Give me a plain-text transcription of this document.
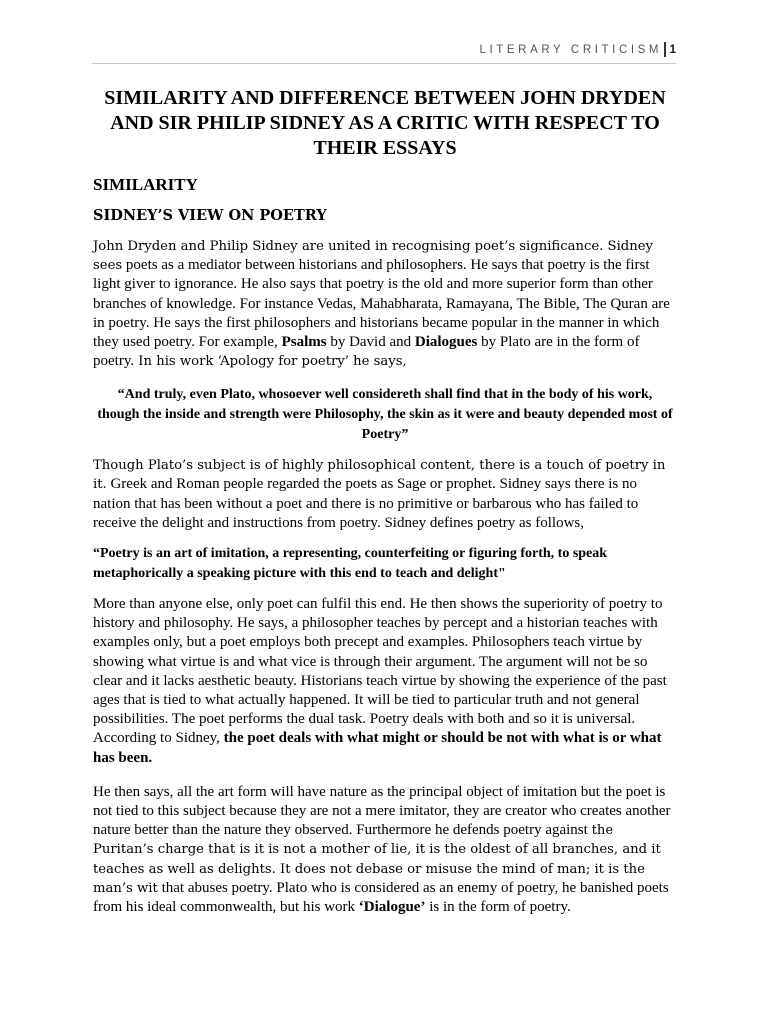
LITERARY CRITICISM 1
SIMILARITY AND DIFFERENCE BETWEEN JOHN DRYDEN AND SIR PHILIP SIDNEY AS A CRITIC WITH RESPECT TO THEIR ESSAYS
SIMILARITY
SIDNEY’S VIEW ON POETRY

John Dryden and Philip Sidney are united in recognising poet’s significance. Sidney sees poets as a mediator between historians and philosophers. He says that poetry is the first light giver to ignorance. He also says that poetry is the old and more superior form than other branches of knowledge. For instance Vedas, Mahabharata, Ramayana, The Bible, The Quran are in poetry. He says the first philosophers and historians became popular in the manner in which they used poetry. For example, Psalms by David and Dialogues by Plato are in the form of poetry. In his work ‘Apology for poetry’ he says,

“And truly, even Plato, whosoever well considereth shall find that in the body of his work, though the inside and strength were Philosophy, the skin as it were and beauty depended most of Poetry”

Though Plato’s subject is of highly philosophical content, there is a touch of poetry in it. Greek and Roman people regarded the poets as Sage or prophet. Sidney says there is no nation that has been without a poet and there is no primitive or barbarous who has failed to receive the delight and instructions from poetry. Sidney defines poetry as follows,

“Poetry is an art of imitation, a representing, counterfeiting or figuring forth, to speak metaphorically a speaking picture with this end to teach and delight"

More than anyone else, only poet can fulfil this end. He then shows the superiority of poetry to history and philosophy. He says, a philosopher teaches by percept and a historian teaches with examples only, but a poet employs both precept and examples. Philosophers teach virtue by showing what virtue is and what vice is through their argument. The argument will not be so clear and it lacks aesthetic beauty. Historians teach virtue by showing the experience of the past ages that is tied to what actually happened. It will be tied to particular truth and not general possibilities. The poet performs the dual task. Poetry deals with both and so it is universal. According to Sidney, the poet deals with what might or should be not with what is or what has been.

He then says, all the art form will have nature as the principal object of imitation but the poet is not tied to this subject because they are not a mere imitator, they are creator who creates another nature better than the nature they observed. Furthermore he defends poetry against the Puritan’s charge that is it is not a mother of lie, it is the oldest of all branches, and it teaches as well as delights. It does not debase or misuse the mind of man; it is the man’s wit that abuses poetry. Plato who is considered as an enemy of poetry, he banished poets from his ideal commonwealth, but his work ‘Dialogue’ is in the form of poetry.
